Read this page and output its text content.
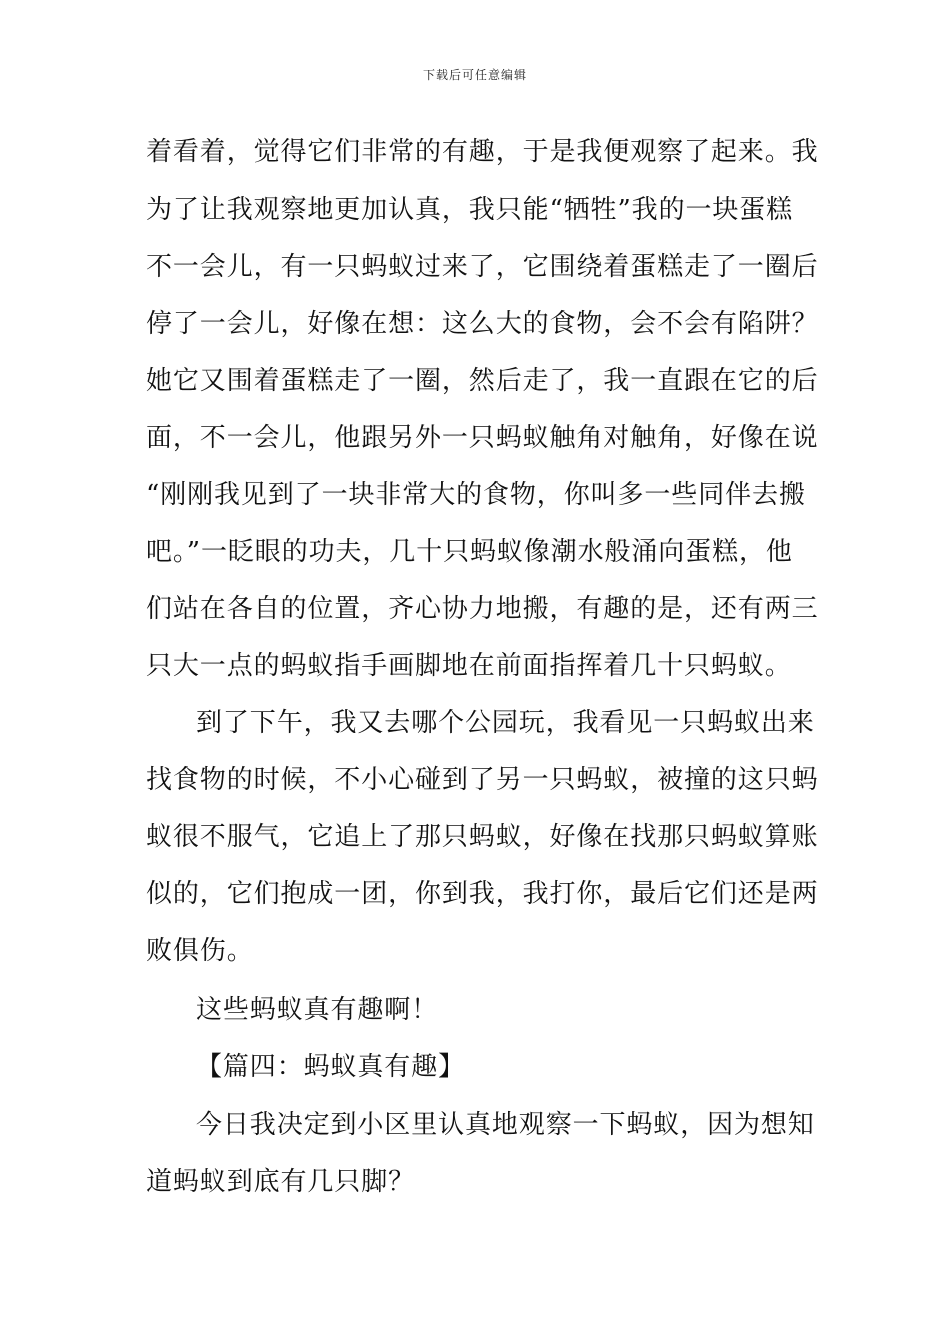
下载后可任意编辑
着看着，觉得它们非常的有趣，于是我便观察了起来。我
为了让我观察地更加认真，我只能“牺牲”我的一块蛋糕
不一会儿，有一只蚂蚁过来了，它围绕着蛋糕走了一圈后
停了一会儿，好像在想：这么大的食物，会不会有陷阱？
她它又围着蛋糕走了一圈，然后走了，我一直跟在它的后
面，不一会儿，他跟另外一只蚂蚁触角对触角，好像在说
“刚刚我见到了一块非常大的食物，你叫多一些同伴去搬
吧。”一眨眼的功夫，几十只蚂蚁像潮水般涌向蛋糕，他
们站在各自的位置，齐心协力地搬，有趣的是，还有两三
只大一点的蚂蚁指手画脚地在前面指挥着几十只蚂蚁。
到了下午，我又去哪个公园玩，我看见一只蚂蚁出来
找食物的时候，不小心碰到了另一只蚂蚁，被撞的这只蚂
蚁很不服气，它追上了那只蚂蚁，好像在找那只蚂蚁算账
似的，它们抱成一团，你到我，我打你，最后它们还是两
败俱伤。
这些蚂蚁真有趣啊！
【篇四：蚂蚁真有趣】
今日我决定到小区里认真地观察一下蚂蚁，因为想知
道蚂蚁到底有几只脚？
